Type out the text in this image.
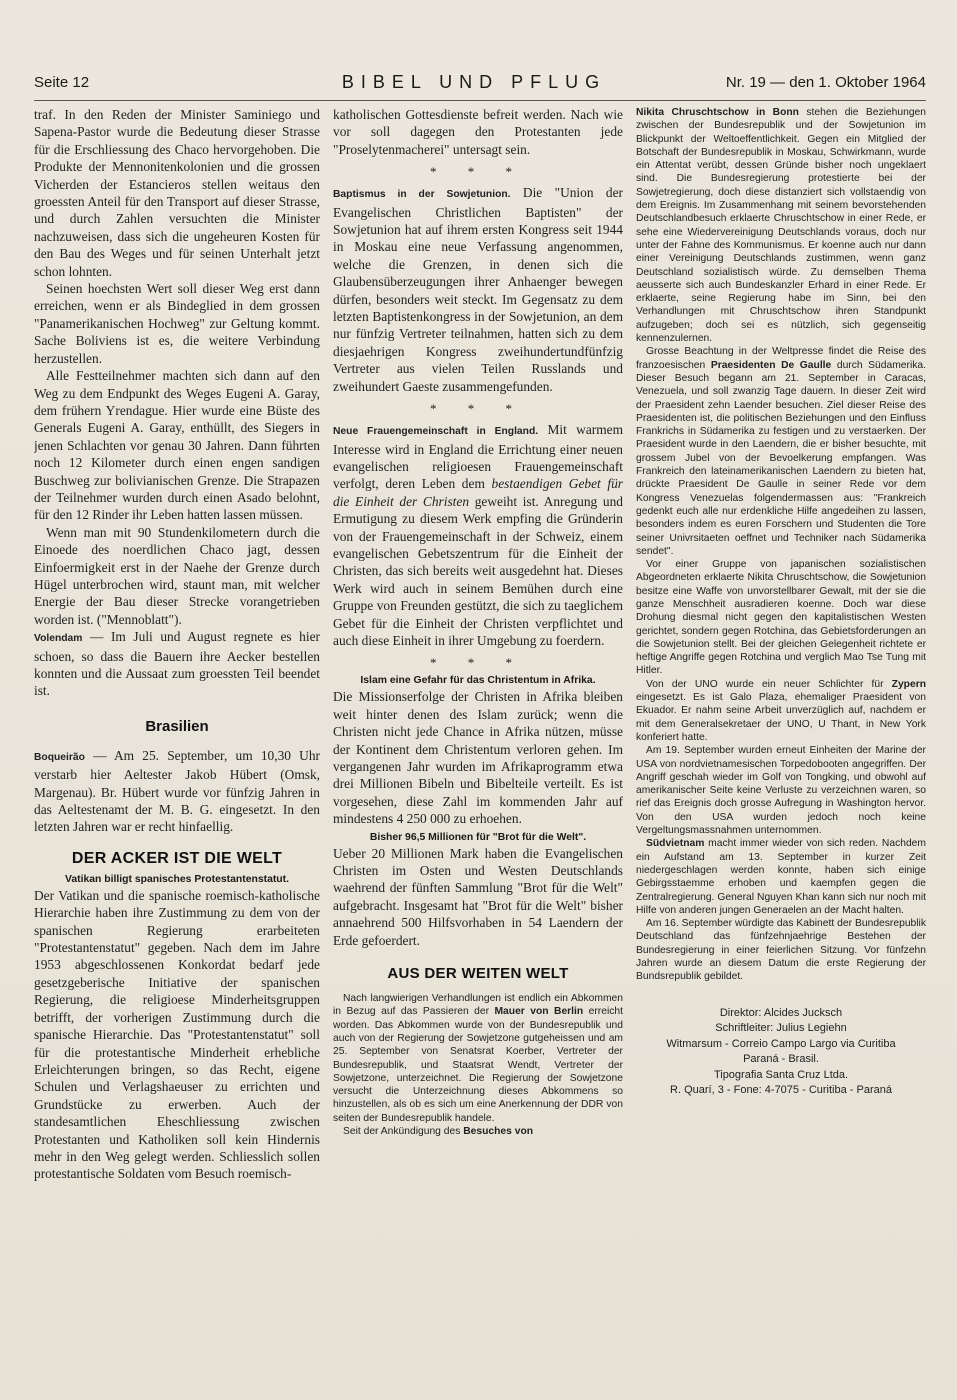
Seite 12	BIBEL UND PFLUG	Nr. 19 — den 1. Oktober 1964

traf. In den Reden der Minister Saminiego und Sapena-Pastor wurde die Bedeutung dieser Strasse für die Erschliessung des Chaco hervorgehoben. Die Produkte der Mennonitenkolonien und die grossen Vicherden der Estancieros stellen weitaus den groessten Anteil für den Transport auf dieser Strasse, und durch Zahlen versuchten die Minister nachzuweisen, dass sich die ungeheuren Kosten für den Bau des Weges und für seinen Unterhalt jetzt schon lohnten.

Seinen hoechsten Wert soll dieser Weg erst dann erreichen, wenn er als Bindeglied in dem grossen "Panamerikanischen Hochweg" zur Geltung kommt. Sache Boliviens ist es, die weitere Verbindung herzustellen.

Alle Festteilnehmer machten sich dann auf den Weg zu dem Endpunkt des Weges Eugeni A. Garay, dem frühern Yrendague. Hier wurde eine Büste des Generals Eugeni A. Garay, enthüllt, des Siegers in jenen Schlachten vor genau 30 Jahren. Dann führten noch 12 Kilometer durch einen engen sandigen Buschweg zur bolivianischen Grenze. Die Strapazen der Teilnehmer wurden durch einen Asado belohnt, für den 12 Rinder ihr Leben hatten lassen müssen.

Wenn man mit 90 Stundenkilometern durch die Einoede des noerdlichen Chaco jagt, dessen Einfoermigkeit erst in der Naehe der Grenze durch Hügel unterbrochen wird, staunt man, mit welcher Energie der Bau dieser Strecke vorangetrieben worden ist. ("Mennoblatt").

Volendam — Im Juli und August regnete es hier schoen, so dass die Bauern ihre Aecker bestellen konnten und die Aussaat zum groessten Teil beendet ist.

Brasilien

Boqueirão — Am 25. September, um 10,30 Uhr verstarb hier Aeltester Jakob Hübert (Omsk, Margenau). Br. Hübert wurde vor fünfzig Jahren in das Aeltestenamt der M. B. G. eingesetzt. In den letzten Jahren war er recht hinfaellig.

DER ACKER IST DIE WELT
Vatikan billigt spanisches Protestantenstatut.

Der Vatikan und die spanische roemisch-katholische Hierarchie haben ihre Zustimmung zu dem von der spanischen Regierung erarbeiteten "Protestantenstatut" gegeben. Nach dem im Jahre 1953 abgeschlossenen Konkordat bedarf jede gesetzgeberische Initiative der spanischen Regierung, die religioese Minderheitsgruppen betrifft, der vorherigen Zustimmung durch die spanische Hierarchie. Das "Protestantenstatut" soll für die protestantische Minderheit erhebliche Erleichterungen bringen, so das Recht, eigene Schulen und Verlagshaeuser zu errichten und Grundstücke zu erwerben. Auch der standesamtlichen Eheschliessung zwischen Protestanten und Katholiken soll kein Hindernis mehr in den Weg gelegt werden. Schliesslich sollen protestantische Soldaten vom Besuch roemisch-

katholischen Gottesdienste befreit werden. Nach wie vor soll dagegen den Protestanten jede "Proselytenmacherei" untersagt sein.

* * *

Baptismus in der Sowjetunion. Die "Union der Evangelischen Christlichen Baptisten" der Sowjetunion hat auf ihrem ersten Kongress seit 1944 in Moskau eine neue Verfassung angenommen, welche die Grenzen, in denen sich die Glaubensüberzeugungen ihrer Anhaenger bewegen dürfen, besonders weit steckt. Im Gegensatz zu dem letzten Baptistenkongress in der Sowjetunion, an dem nur fünfzig Vertreter teilnahmen, hatten sich zu dem diesjaehrigen Kongress zweihundertundfünfzig Vertreter aus vielen Teilen Russlands und zweihundert Gaeste zusammengefunden.

* * *

Neue Frauengemeinschaft in England. Mit warmem Interesse wird in England die Errichtung einer neuen evangelischen religioesen Frauengemeinschaft verfolgt, deren Leben dem bestaendigen Gebet für die Einheit der Christen geweiht ist. Anregung und Ermutigung zu diesem Werk empfing die Gründerin von der Frauengemeinschaft in der Schweiz, einem evangelischen Gebetszentrum für die Einheit der Christen, das sich bereits weit ausgedehnt hat. Dieses Werk wird auch in seinem Bemühen durch eine Gruppe von Freunden gestützt, die sich zu taeglichem Gebet für die Einheit der Christen verpflichtet und auch diese Einheit in ihrer Umgebung zu foerdern.

* * *
Islam eine Gefahr für das Christentum in Afrika.

Die Missionserfolge der Christen in Afrika bleiben weit hinter denen des Islam zurück; wenn die Christen nicht jede Chance in Afrika nützen, müsse der Kontinent dem Christentum verloren gehen. Im vergangenen Jahr wurden im Afrikaprogramm etwa drei Millionen Bibeln und Bibelteile verteilt. Es ist vorgesehen, diese Zahl im kommenden Jahr auf mindestens 4 250 000 zu erhoehen.

Bisher 96,5 Millionen für "Brot für die Welt".

Ueber 20 Millionen Mark haben die Evangelischen Christen im Osten und Westen Deutschlands waehrend der fünften Sammlung "Brot für die Welt" aufgebracht. Insgesamt hat "Brot für die Welt" bisher annaehrend 500 Hilfsvorhaben in 54 Laendern der Erde gefoerdert.

AUS DER WEITEN WELT

Nach langwierigen Verhandlungen ist endlich ein Abkommen in Bezug auf das Passieren der Mauer von Berlin erreicht worden. Das Abkommen wurde von der Bundesrepublik und auch von der Regierung der Sowjetzone gutgeheissen und am 25. September von Senatsrat Koerber, Vertreter der Bundesrepublik, und Staatsrat Wendt, Vertreter der Sowjetzone, unterzeichnet. Die Regierung der Sowjetzone versucht die Unterzeichnung dieses Abkommens so hinzustellen, als ob es sich um eine Anerkennung der DDR von seiten der Bundesrepublik handele.

Seit der Ankündigung des Besuches von

Nikita Chruschtschow in Bonn stehen die Beziehungen zwischen der Bundesrepublik und der Sowjetunion im Blickpunkt der Weltoeffentlichkeit. Gegen ein Mitglied der Botschaft der Bundesrepublik in Moskau, Schwirkmann, wurde ein Attentat verübt, dessen Gründe bisher noch ungeklaert sind. Die Bundesregierung protestierte bei der Sowjetregierung, doch diese distanziert sich vollstaendig von dem Ereignis. Im Zusammenhang mit seinem bevorstehenden Deutschlandbesuch erklaerte Chruschtschow in einer Rede, er sehe eine Wiedervereinigung Deutschlands voraus, doch nur unter der Fahne des Kommunismus. Er koenne auch nur dann einer Vereinigung Deutschlands zustimmen, wenn ganz Deutschland sozialistisch würde. Zu demselben Thema aeusserte sich auch Bundeskanzler Erhard in einer Rede. Er erklaerte, seine Regierung habe im Sinn, bei den Verhandlungen mit Chruschtschow ihren Standpunkt aufzugeben; doch sei es nützlich, sich gegenseitig kennenzulernen.

Grosse Beachtung in der Weltpresse findet die Reise des franzoesischen Praesidenten De Gaulle durch Südamerika. Dieser Besuch begann am 21. September in Caracas, Venezuela, und soll zwanzig Tage dauern. In dieser Zeit wird der Praesident zehn Laender besuchen. Ziel dieser Reise des Praesidenten ist, die politischen Beziehungen und den Einfluss Frankrichs in Südamerika zu festigen und zu verstaerken. Der Praesident wurde in den Laendern, die er bisher besuchte, mit grossem Jubel von der Bevoelkerung empfangen. Was Frankreich den lateinamerikanischen Laendern zu bieten hat, drückte Praesident De Gaulle in seiner Rede vor dem Kongress Venezuelas folgendermassen aus: "Frankreich gedenkt euch alle nur erdenkliche Hilfe angedeihen zu lassen, besonders indem es euren Forschern und Studenten die Tore seiner Univrsitaeten oeffnet und Techniker nach Südamerika sendet".

Vor einer Gruppe von japanischen sozialistischen Abgeordneten erklaerte Nikita Chruschtschow, die Sowjetunion besitze eine Waffe von unvorstellbarer Gewalt, mit der sie die ganze Menschheit ausradieren koenne. Doch war diese Drohung diesmal nicht gegen den kapitalistischen Westen gerichtet, sondern gegen Rotchina, das Gebietsforderungen an die Sowjetunion stellt. Bei der gleichen Gelegenheit richtete er heftige Angriffe gegen Rotchina und verglich Mao Tse Tung mit Hitler.

Von der UNO wurde ein neuer Schlichter für Zypern eingesetzt. Es ist Galo Plaza, ehemaliger Praesident von Ekuador. Er nahm seine Arbeit unverzüglich auf, nachdem er mit dem Generalsekretaer der UNO, U Thant, in New York konferiert hatte.

Am 19. September wurden erneut Einheiten der Marine der USA von nordvietnamesischen Torpedobooten angegriffen. Der Angriff geschah wieder im Golf von Tongking, und obwohl auf amerikanischer Seite keine Verluste zu verzeichnen waren, so rief das Ereignis doch grosse Aufregung in Washington hervor. Von den USA wurden jedoch noch keine Vergeltungsmassnahmen unternommen.

Südvietnam macht immer wieder von sich reden. Nachdem ein Aufstand am 13. September in kurzer Zeit niedergeschlagen werden konnte, haben sich einige Gebirgsstaemme erhoben und kaempfen gegen die Zentralregierung. General Nguyen Khan kann sich nur noch mit Hilfe von anderen jungen Generaelen an der Macht halten.

Am 16. September würdigte das Kabinett der Bundesrepublik Deutschland das fünfzehnjaehrige Bestehen der Bundesregierung in einer feierlichen Sitzung. Vor fünfzehn Jahren wurde an diesem Datum die erste Regierung der Bundsrepublik gebildet.

Direktor: Alcides Jucksch
Schriftleiter: Julius Legiehn
Witmarsum - Correio Campo Largo via Curitiba
Paraná - Brasil.
Tipografia Santa Cruz Ltda.
R. Quarí, 3 - Fone: 4-7075 - Curitiba - Paraná
